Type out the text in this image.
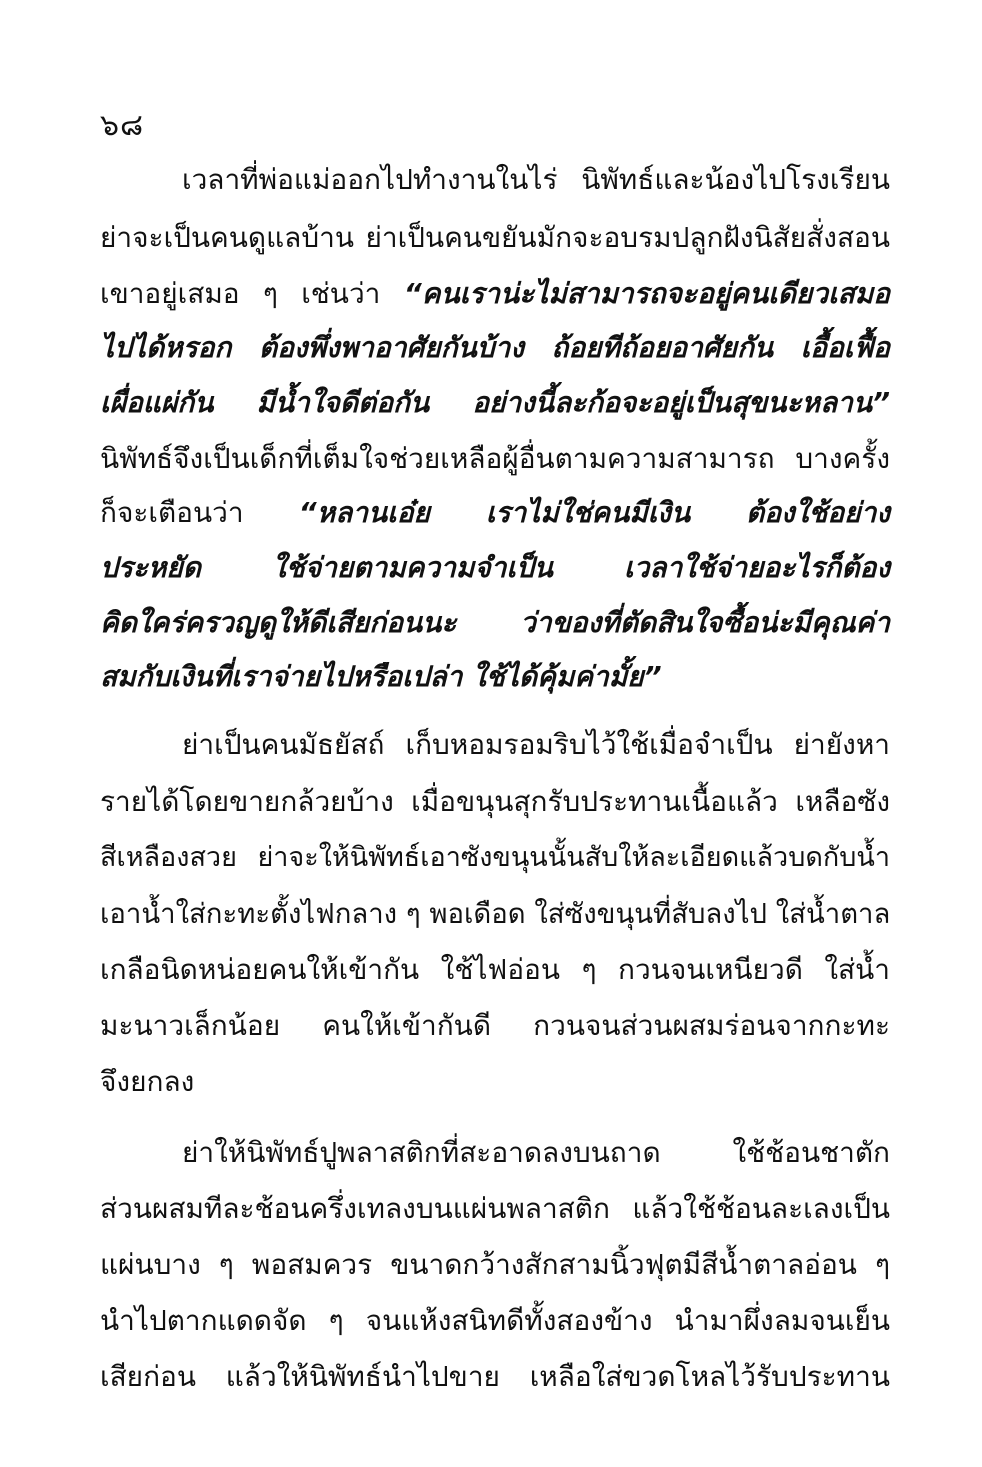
๖๘
เวลาที่พ่อแม่ออกไปทำงานในไร่ นิพัทธ์และน้องไปโรงเรียน
ย่าจะเป็นคนดูแลบ้าน ย่าเป็นคนขยันมักจะอบรมปลูกฝังนิสัยสั่งสอน
เขาอยู่เสมอ ๆ เช่นว่า “คนเราน่ะไม่สามารถจะอยู่คนเดียวเสมอ
ไปได้หรอก ต้องพึ่งพาอาศัยกันบ้าง ถ้อยทีถ้อยอาศัยกัน เอื้อเฟื้อ
เผื่อแผ่กัน มีน้ำใจดีต่อกัน อย่างนี้ละก้อจะอยู่เป็นสุขนะหลาน”
นิพัทธ์จึงเป็นเด็กที่เต็มใจช่วยเหลือผู้อื่นตามความสามารถ บางครั้ง
ก็จะเตือนว่า “หลานเอ๋ย เราไม่ใช่คนมีเงิน ต้องใช้อย่าง
ประหยัด ใช้จ่ายตามความจำเป็น เวลาใช้จ่ายอะไรก็ต้อง
คิดใคร่ครวญดูให้ดีเสียก่อนนะ ว่าของที่ตัดสินใจซื้อน่ะมีคุณค่า
สมกับเงินที่เราจ่ายไปหรือเปล่า ใช้ได้คุ้มค่ามั้ย”
ย่าเป็นคนมัธยัสถ์ เก็บหอมรอมริบไว้ใช้เมื่อจำเป็น ย่ายังหา
รายได้โดยขายกล้วยบ้าง เมื่อขนุนสุกรับประทานเนื้อแล้ว เหลือซัง
สีเหลืองสวย ย่าจะให้นิพัทธ์เอาซังขนุนนั้นสับให้ละเอียดแล้วบดกับน้ำ
เอาน้ำใส่กะทะตั้งไฟกลาง ๆ พอเดือด ใส่ซังขนุนที่สับลงไป ใส่น้ำตาล
เกลือนิดหน่อยคนให้เข้ากัน ใช้ไฟอ่อน ๆ กวนจนเหนียวดี ใส่น้ำ
มะนาวเล็กน้อย คนให้เข้ากันดี กวนจนส่วนผสมร่อนจากกะทะ
จึงยกลง
ย่าให้นิพัทธ์ปูพลาสติกที่สะอาดลงบนถาด ใช้ช้อนชาตัก
ส่วนผสมทีละช้อนครึ่งเทลงบนแผ่นพลาสติก แล้วใช้ช้อนละเลงเป็น
แผ่นบาง ๆ พอสมควร ขนาดกว้างสักสามนิ้วฟุตมีสีน้ำตาลอ่อน ๆ
นำไปตากแดดจัด ๆ จนแห้งสนิทดีทั้งสองข้าง นำมาผึ่งลมจนเย็น
เสียก่อน แล้วให้นิพัทธ์นำไปขาย เหลือใส่ขวดโหลไว้รับประทาน
